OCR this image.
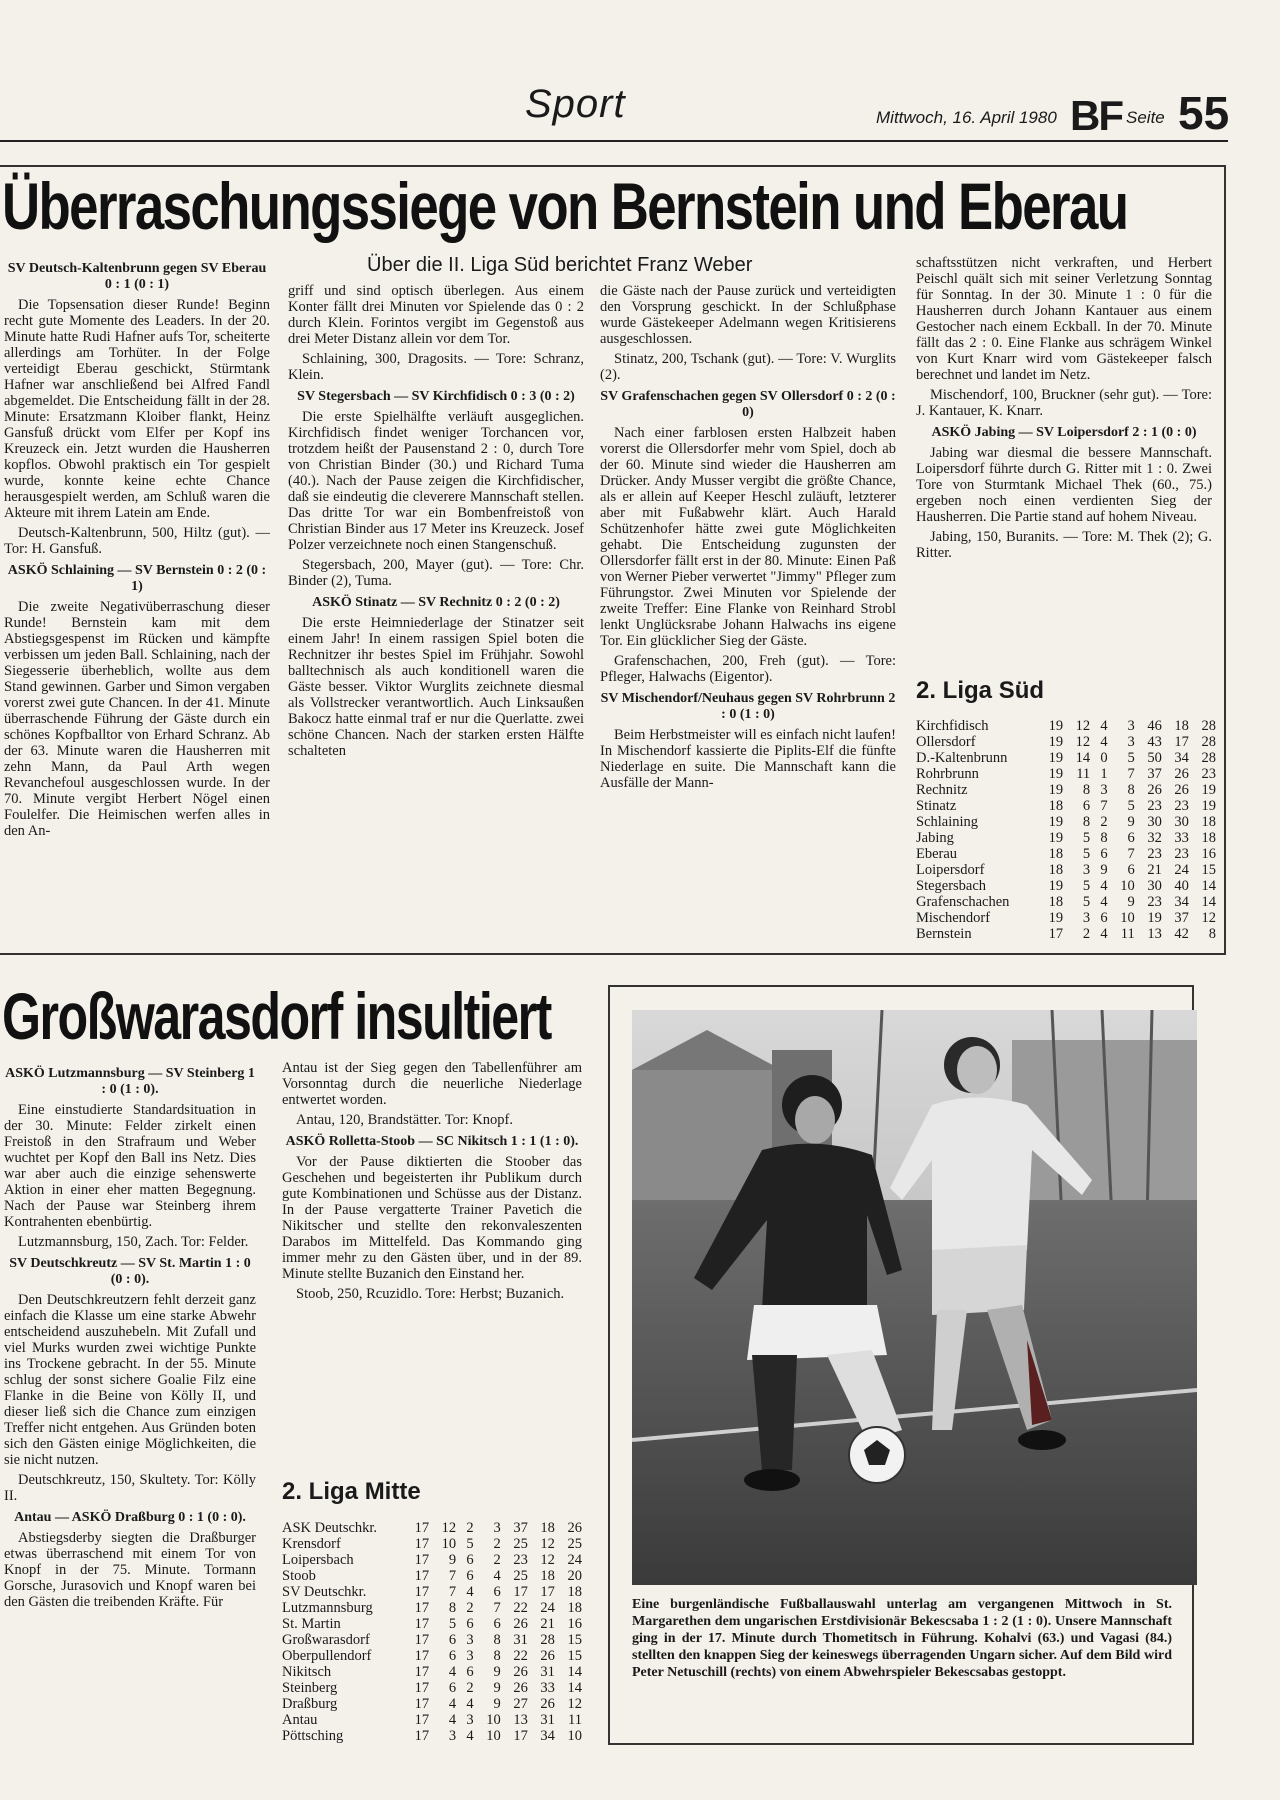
Sport	Mittwoch, 16. April 1980 BF Seite 55
Überraschungssiege von Bernstein und Eberau
Über die II. Liga Süd berichtet Franz Weber
SV Deutsch-Kaltenbrunn gegen SV Eberau 0 : 1 (0 : 1)

Die Topsensation dieser Runde! Beginn recht gute Momente des Leaders. In der 20. Minute hatte Rudi Hafner aufs Tor, scheiterte allerdings am Torhüter. In der Folge verteidigt Eberau geschickt, Stürmtank Hafner war anschließend bei Alfred Fandl abgemeldet. Die Entscheidung fällt in der 28. Minute: Ersatzmann Kloiber flankt, Heinz Gansfuß drückt vom Elfer per Kopf ins Kreuzeck ein. Jetzt wurden die Hausherren kopflos. Obwohl praktisch ein Tor gespielt wurde, konnte keine echte Chance herausgespielt werden, am Schluß waren die Akteure mit ihrem Latein am Ende.

Deutsch-Kaltenbrunn, 500, Hiltz (gut). — Tor: H. Gansfuß.

ASKÖ Schlaining — SV Bernstein 0 : 2 (0 : 1)

Die zweite Negativüberraschung dieser Runde! Bernstein kam mit dem Abstiegsgespenst im Rücken und kämpfte verbissen um jeden Ball. Schlaining, nach der Siegesserie überheblich, wollte aus dem Stand gewinnen. Garber und Simon vergaben vorerst zwei gute Chancen. In der 41. Minute überraschende Führung der Gäste durch ein schönes Kopfballtor von Erhard Schranz. Ab der 63. Minute waren die Hausherren mit zehn Mann, da Paul Arth wegen Revanchefoul ausgeschlossen wurde. In der 70. Minute vergibt Herbert Nögel einen Foulelfer. Die Heimischen werfen alles in den An-

griff und sind optisch überlegen. Aus einem Konter fällt drei Minuten vor Spielende das 0 : 2 durch Klein. Forintos vergibt im Gegenstoß aus drei Meter Distanz allein vor dem Tor.

Schlaining, 300, Dragosits. — Tore: Schranz, Klein.

SV Stegersbach — SV Kirchfidisch 0 : 3 (0 : 2)

Die erste Spielhälfte verläuft ausgeglichen. Kirchfidisch findet weniger Torchancen vor, trotzdem heißt der Pausenstand 2 : 0, durch Tore von Christian Binder (30.) und Richard Tuma (40.). Nach der Pause zeigen die Kirchfidischer, daß sie eindeutig die cleverere Mannschaft stellen. Das dritte Tor war ein Bombenfreistoß von Christian Binder aus 17 Meter ins Kreuzeck. Josef Polzer verzeichnete noch einen Stangenschuß.

Stegersbach, 200, Mayer (gut). — Tore: Chr. Binder (2), Tuma.

ASKÖ Stinatz — SV Rechnitz 0 : 2 (0 : 2)

Die erste Heimniederlage der Stinatzer seit einem Jahr! In einem rassigen Spiel boten die Rechnitzer ihr bestes Spiel im Frühjahr. Sowohl balltechnisch als auch konditionell waren die Gäste besser. Viktor Wurglits zeichnete diesmal als Vollstrecker verantwortlich. Auch Linksaußen Bakocz hatte einmal traf er nur die Querlatte. zwei schöne Chancen. Nach der starken ersten Hälfte schalteten

die Gäste nach der Pause zurück und verteidigten den Vorsprung geschickt. In der Schlußphase wurde Gästekeeper Adelmann wegen Kritisierens ausgeschlossen.

Stinatz, 200, Tschank (gut). — Tore: V. Wurglits (2).

SV Grafenschachen gegen SV Ollersdorf 0 : 2 (0 : 0)

Nach einer farblosen ersten Halbzeit haben vorerst die Ollersdorfer mehr vom Spiel, doch ab der 60. Minute sind wieder die Hausherren am Drücker. Andy Musser vergibt die größte Chance, als er allein auf Keeper Heschl zuläuft, letzterer aber mit Fußabwehr klärt. Auch Harald Schützenhofer hätte zwei gute Möglichkeiten gehabt. Die Entscheidung zugunsten der Ollersdorfer fällt erst in der 80. Minute: Einen Paß von Werner Pieber verwertet "Jimmy" Pfleger zum Führungstor. Zwei Minuten vor Spielende der zweite Treffer: Eine Flanke von Reinhard Strobl lenkt Unglücksrabe Johann Halwachs ins eigene Tor. Ein glücklicher Sieg der Gäste.

Grafenschachen, 200, Freh (gut). — Tore: Pfleger, Halwachs (Eigentor).

SV Mischendorf/Neuhaus gegen SV Rohrbrunn 2 : 0 (1 : 0)

Beim Herbstmeister will es einfach nicht laufen! In Mischendorf kassierte die Piplits-Elf die fünfte Niederlage en suite. Die Mannschaft kann die Ausfälle der Mann-

schaftsstützen nicht verkraften, und Herbert Peischl quält sich mit seiner Verletzung Sonntag für Sonntag. In der 30. Minute 1 : 0 für die Hausherren durch Johann Kantauer aus einem Gestocher nach einem Eckball. In der 70. Minute fällt das 2 : 0. Eine Flanke aus schrägem Winkel von Kurt Knarr wird vom Gästekeeper falsch berechnet und landet im Netz.

Mischendorf, 100, Bruckner (sehr gut). — Tore: J. Kantauer, K. Knarr.

ASKÖ Jabing — SV Loipersdorf 2 : 1 (0 : 0)

Jabing war diesmal die bessere Mannschaft. Loipersdorf führte durch G. Ritter mit 1 : 0. Zwei Tore von Sturmtank Michael Thek (60., 75.) ergeben noch einen verdienten Sieg der Hausherren. Die Partie stand auf hohem Niveau.

Jabing, 150, Buranits. — Tore: M. Thek (2); G. Ritter.

2. Liga Süd
Kirchfidisch	19	12	4	3	46	18	28
Ollersdorf	19	12	4	3	43	17	28
D.-Kaltenbrunn	19	14	0	5	50	34	28
Rohrbrunn	19	11	1	7	37	26	23
Rechnitz	19	8	3	8	26	26	19
Stinatz	18	6	7	5	23	23	19
Schlaining	19	8	2	9	30	30	18
Jabing	19	5	8	6	32	33	18
Eberau	18	5	6	7	23	23	16
Loipersdorf	18	3	9	6	21	24	15
Stegersbach	19	5	4	10	30	40	14
Grafenschachen	18	5	4	9	23	34	14
Mischendorf	19	3	6	10	19	37	12
Bernstein	17	2	4	11	13	42	8
Großwarasdorf insultiert
ASKÖ Lutzmannsburg — SV Steinberg 1 : 0 (1 : 0).

Eine einstudierte Standardsituation in der 30. Minute: Felder zirkelt einen Freistoß in den Strafraum und Weber wuchtet per Kopf den Ball ins Netz. Dies war aber auch die einzige sehenswerte Aktion in einer eher matten Begegnung. Nach der Pause war Steinberg ihrem Kontrahenten ebenbürtig.

Lutzmannsburg, 150, Zach. Tor: Felder.

SV Deutschkreutz — SV St. Martin 1 : 0 (0 : 0).

Den Deutschkreutzern fehlt derzeit ganz einfach die Klasse um eine starke Abwehr entscheidend auszuhebeln. Mit Zufall und viel Murks wurden zwei wichtige Punkte ins Trockene gebracht. In der 55. Minute schlug der sonst sichere Goalie Filz eine Flanke in die Beine von Kölly II, und dieser ließ sich die Chance zum einzigen Treffer nicht entgehen. Aus Gründen boten sich den Gästen einige Möglichkeiten, die sie nicht nutzen.

Deutschkreutz, 150, Skultety. Tor: Kölly II.

Antau — ASKÖ Draßburg 0 : 1 (0 : 0).

Abstiegsderby siegten die Draßburger etwas überraschend mit einem Tor von Knopf in der 75. Minute. Tormann Gorsche, Jurasovich und Knopf waren bei den Gästen die treibenden Kräfte. Für

Antau ist der Sieg gegen den Tabellenführer am Vorsonntag durch die neuerliche Niederlage entwertet worden.

Antau, 120, Brandstätter. Tor: Knopf.

ASKÖ Rolletta-Stoob — SC Nikitsch 1 : 1 (1 : 0).

Vor der Pause diktierten die Stoober das Geschehen und begeisterten ihr Publikum durch gute Kombinationen und Schüsse aus der Distanz. In der Pause vergatterte Trainer Pavetich die Nikitscher und stellte den rekonvaleszenten Darabos im Mittelfeld. Das Kommando ging immer mehr zu den Gästen über, und in der 89. Minute stellte Buzanich den Einstand her.

Stoob, 250, Rcuzidlo. Tore: Herbst; Buzanich.

2. Liga Mitte
ASK Deutschkr.	17	12	2	3	37	18	26
Krensdorf	17	10	5	2	25	12	25
Loipersbach	17	9	6	2	23	12	24
Stoob	17	7	6	4	25	18	20
SV Deutschkr.	17	7	4	6	17	17	18
Lutzmannsburg	17	8	2	7	22	24	18
St. Martin	17	5	6	6	26	21	16
Großwarasdorf	17	6	3	8	31	28	15
Oberpullendorf	17	6	3	8	22	26	15
Nikitsch	17	4	6	9	26	31	14
Steinberg	17	6	2	9	26	33	14
Draßburg	17	4	4	9	27	26	12
Antau	17	4	3	10	13	31	11
Pöttsching	17	3	4	10	17	34	10
Eine burgenländische Fußballauswahl unterlag am vergangenen Mittwoch in St. Margarethen dem ungarischen Erstdivisionär Bekescsaba 1 : 2 (1 : 0). Unsere Mannschaft ging in der 17. Minute durch Thometitsch in Führung. Kohalvi (63.) und Vagasi (84.) stellten den knappen Sieg der keineswegs überragenden Ungarn sicher. Auf dem Bild wird Peter Netuschill (rechts) von einem Abwehrspieler Bekescsabas gestoppt.
